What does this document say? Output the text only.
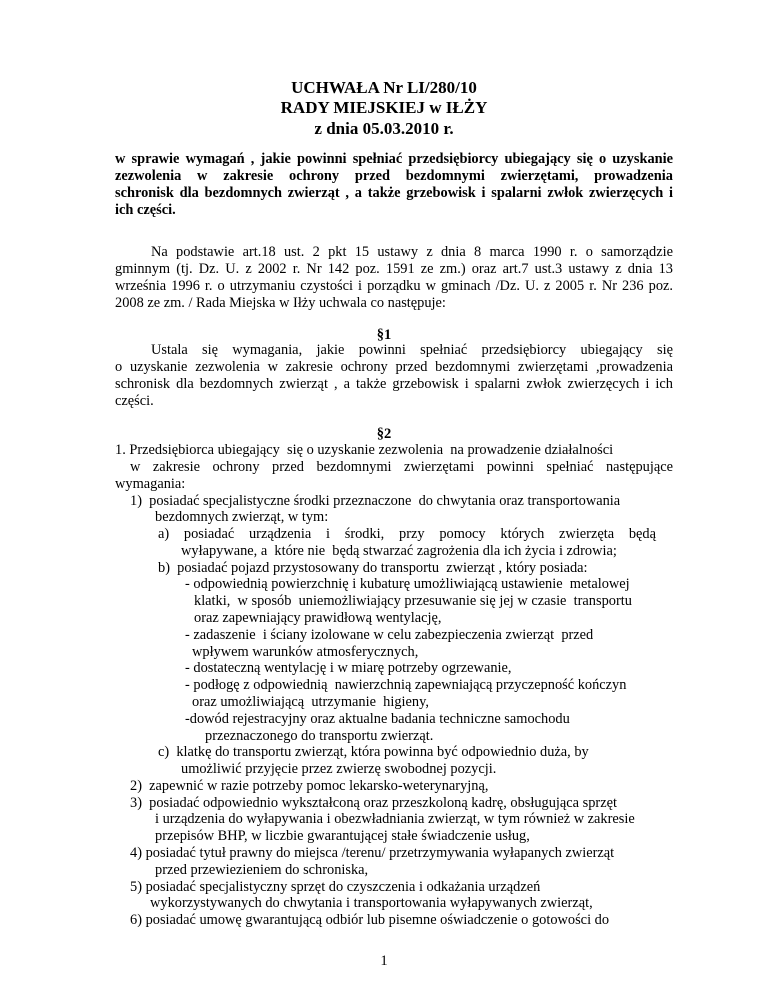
UCHWAŁA Nr LI/280/10
RADY MIEJSKIEJ w IŁŻY
z dnia 05.03.2010 r.
w sprawie wymagań , jakie powinni spełniać przedsiębiorcy ubiegający się o uzyskanie
zezwolenia w zakresie ochrony przed bezdomnymi zwierzętami, prowadzenia
schronisk dla bezdomnych zwierząt , a także grzebowisk i spalarni zwłok zwierzęcych i
ich części.
Na podstawie art.18 ust. 2 pkt 15 ustawy z dnia 8 marca 1990 r. o samorządzie
gminnym (tj. Dz. U. z 2002 r. Nr 142 poz. 1591 ze zm.) oraz art.7 ust.3 ustawy z dnia 13
września 1996 r. o utrzymaniu czystości i porządku w gminach /Dz. U. z 2005 r. Nr 236 poz.
2008 ze zm. / Rada Miejska w Iłży uchwala co następuje:
§1
Ustala się wymagania, jakie powinni spełniać przedsiębiorcy ubiegający się
o uzyskanie zezwolenia w zakresie ochrony przed bezdomnymi zwierzętami ,prowadzenia
schronisk dla bezdomnych zwierząt , a także grzebowisk i spalarni zwłok zwierzęcych i ich
części.
§2
1. Przedsiębiorca ubiegający  się o uzyskanie zezwolenia  na prowadzenie działalności
w zakresie ochrony przed bezdomnymi zwierzętami powinni spełniać następujące
wymagania:
1)  posiadać specjalistyczne środki przeznaczone  do chwytania oraz transportowania
bezdomnych zwierząt, w tym:
a) posiadać urządzenia i środki, przy pomocy których zwierzęta będą
wyłapywane, a  które nie  będą stwarzać zagrożenia dla ich życia i zdrowia;
b)  posiadać pojazd przystosowany do transportu  zwierząt , który posiada:
- odpowiednią powierzchnię i kubaturę umożliwiającą ustawienie  metalowej
klatki,  w sposób  uniemożliwiający przesuwanie się jej w czasie  transportu
oraz zapewniający prawidłową wentylację,
- zadaszenie  i ściany izolowane w celu zabezpieczenia zwierząt  przed
wpływem warunków atmosferycznych,
- dostateczną wentylację i w miarę potrzeby ogrzewanie,
- podłogę z odpowiednią  nawierzchnią zapewniającą przyczepność kończyn
oraz umożliwiającą  utrzymanie  higieny,
-dowód rejestracyjny oraz aktualne badania techniczne samochodu
przeznaczonego do transportu zwierząt.
c)  klatkę do transportu zwierząt, która powinna być odpowiednio duża, by
umożliwić przyjęcie przez zwierzę swobodnej pozycji.
2)  zapewnić w razie potrzeby pomoc lekarsko-weterynaryjną,
3)  posiadać odpowiednio wykształconą oraz przeszkoloną kadrę, obsługująca sprzęt
i urządzenia do wyłapywania i obezwładniania zwierząt, w tym również w zakresie
przepisów BHP, w liczbie gwarantującej stałe świadczenie usług,
4) posiadać tytuł prawny do miejsca /terenu/ przetrzymywania wyłapanych zwierząt
przed przewiezieniem do schroniska,
5) posiadać specjalistyczny sprzęt do czyszczenia i odkażania urządzeń
wykorzystywanych do chwytania i transportowania wyłapywanych zwierząt,
6) posiadać umowę gwarantującą odbiór lub pisemne oświadczenie o gotowości do
1
